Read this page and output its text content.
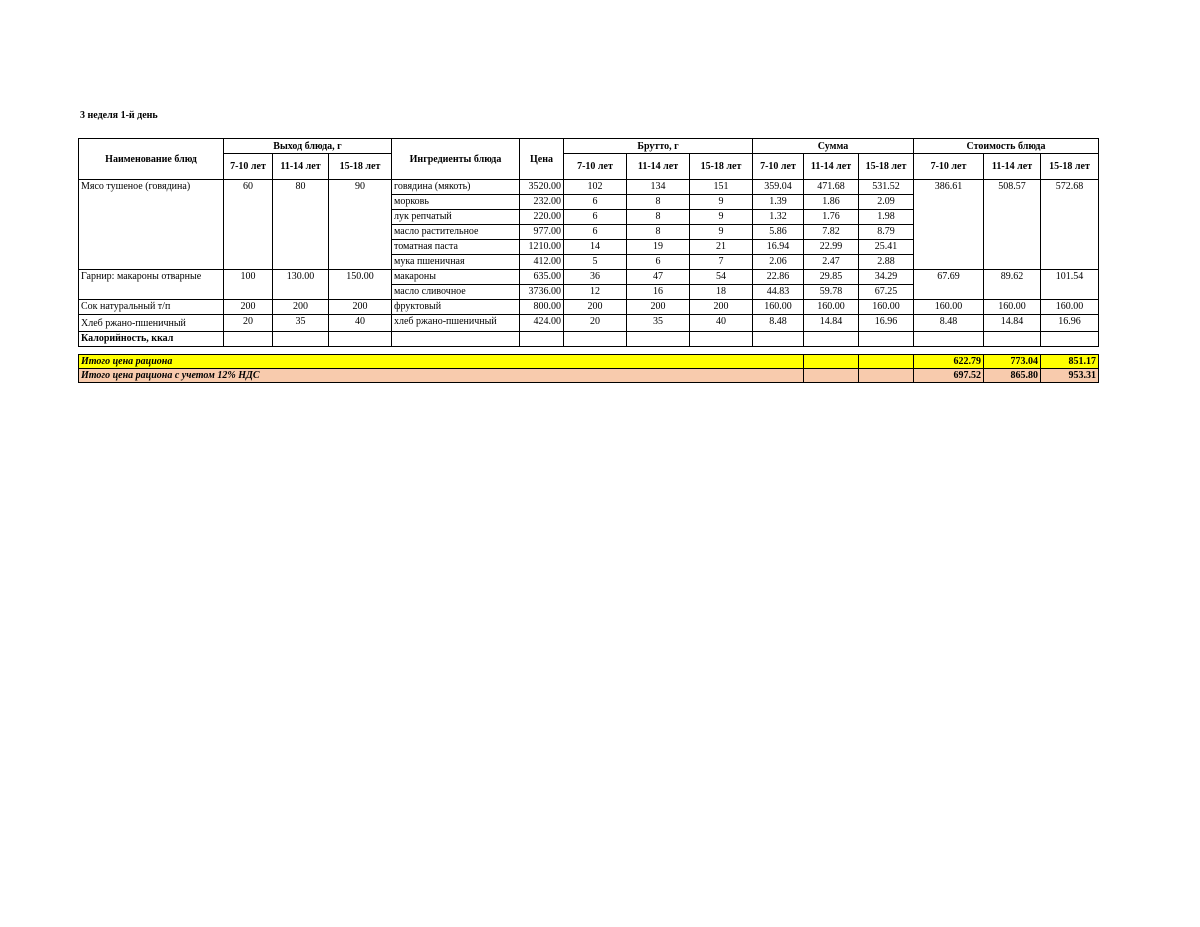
3 неделя 1-й день
Наименование блюд	Выход блюда, г			Ингредиенты блюда	Цена	Брутто, г			Сумма			Стоимость блюда		
	7-10 лет	11-14 лет	15-18 лет			7-10 лет	11-14 лет	15-18 лет	7-10 лет	11-14 лет	15-18 лет	7-10 лет	11-14 лет	15-18 лет
Мясо тушеное (говядина)	60	80	90	говядина (мякоть)	3520.00	102	134	151	359.04	471.68	531.52	386.61	508.57	572.68
				морковь	232.00	6	8	9	1.39	1.86	2.09			
				лук репчатый	220.00	6	8	9	1.32	1.76	1.98			
				масло растительное	977.00	6	8	9	5.86	7.82	8.79			
				томатная паста	1210.00	14	19	21	16.94	22.99	25.41			
				мука пшеничная	412.00	5	6	7	2.06	2.47	2.88			
Гарнир: макароны отварные	100	130.00	150.00	макароны	635.00	36	47	54	22.86	29.85	34.29	67.69	89.62	101.54
				масло сливочное	3736.00	12	16	18	44.83	59.78	67.25			
Сок натуральный т/п	200	200	200	фруктовый	800.00	200	200	200	160.00	160.00	160.00	160.00	160.00	160.00
Хлеб ржано-пшеничный	20	35	40	хлеб ржано-пшеничный	424.00	20	35	40	8.48	14.84	16.96	8.48	14.84	16.96
Калорийность, ккал														
Итого цена рациона			622.79	773.04	851.17
Итого цена рациона с учетом 12% НДС			697.52	865.80	953.31
